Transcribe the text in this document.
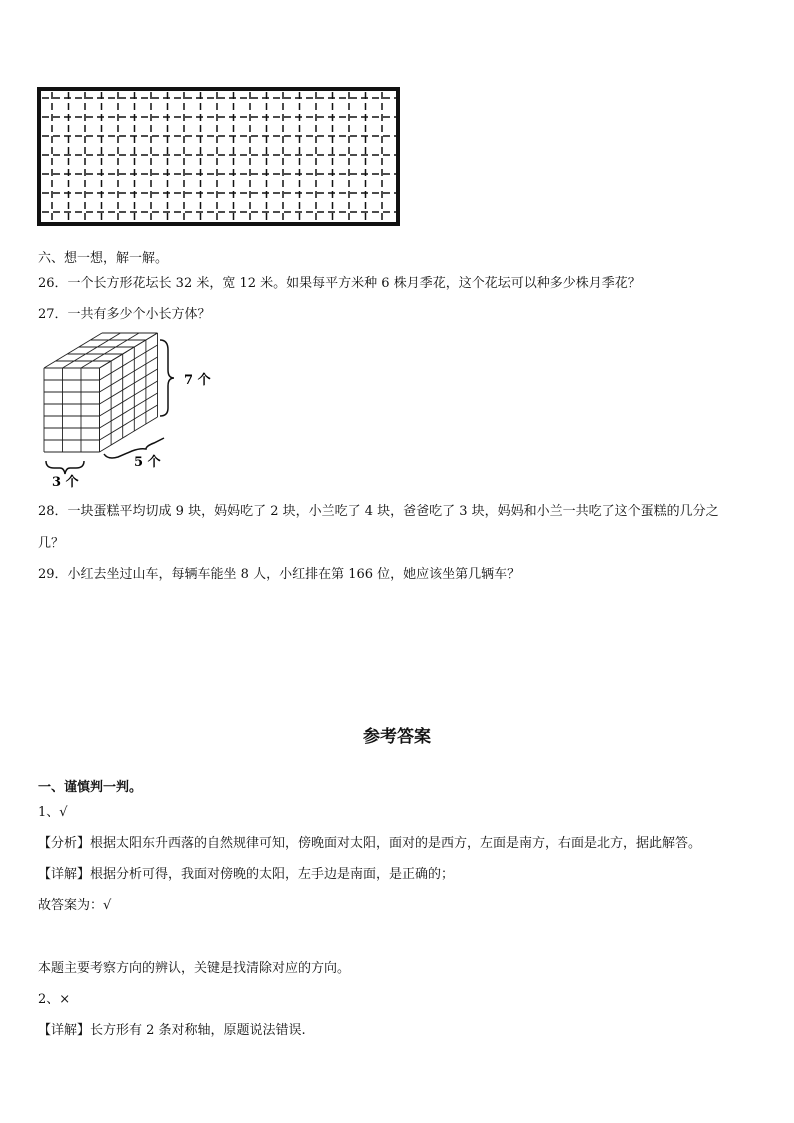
六、想一想，解一解。
26．一个长方形花坛长 32 米，宽 12 米。如果每平方米种 6 株月季花，这个花坛可以种多少株月季花？
27．一共有多少个小长方体？
7 个
5 个
3 个
28．一块蛋糕平均切成 9 块，妈妈吃了 2 块，小兰吃了 4 块，爸爸吃了 3 块，妈妈和小兰一共吃了这个蛋糕的几分之
几？
29．小红去坐过山车，每辆车能坐 8 人，小红排在第 166 位，她应该坐第几辆车？
参考答案
一、谨慎判一判。
1、√
【分析】根据太阳东升西落的自然规律可知，傍晚面对太阳，面对的是西方，左面是南方，右面是北方，据此解答。
【详解】根据分析可得，我面对傍晚的太阳，左手边是南面，是正确的；
故答案为：√
本题主要考察方向的辨认，关键是找清除对应的方向。
2、×
【详解】长方形有 2 条对称轴，原题说法错误.
